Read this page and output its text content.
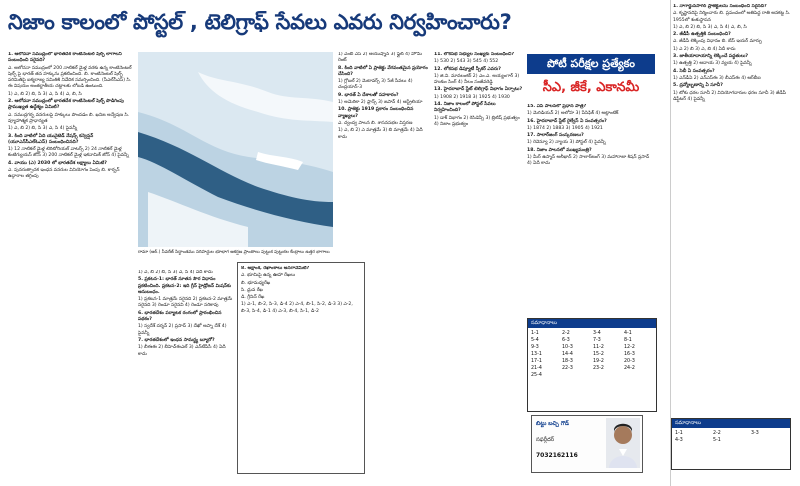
నిజాం కాలంలో పోస్టల్ , టెలిగ్రాఫ్ సేవలు ఎవరు నిర్వహించారు?

1. ఆలోచనా సముద్రంలో భారతదేశ కాంటినెంటల్ షెల్ఫ్ లాగాలని సంబంధించి సరైనది?

ఎ. ఆలోచనా సముద్రంలో 200 నాటికల్ మైళ్ల వరకు ఉన్న కాంటినెంటల్ షెల్ఫ్ పై భారత్ తన హక్కును ప్రకటించింది. బి. కాంటినెంటల్ షెల్ఫ్ పరిమితిపై ఐక్యరాజ్య సమితికి నివేదిక సమర్పించింది. (సీఎల్‌సీఎస్) సి. ఈ విషయం అంతర్జాతీయ చట్టాలకు లోబడి ఉంటుంది.

1) ఎ, బి 2) బి, సి 3) ఎ, సి 4) ఎ, బి, సి

2. ఆలోచనా సముద్రంలో భారతదేశ కాంటినెంటల్ షెల్ఫ్ పొడిగింపు ప్రాముఖ్యత ఉద్దేశ్యం ఏమిటి?

ఎ. సముద్రగర్భ వనరులపై హక్కులు పొందడం బి. ఖనిజ అన్వేషణ సి. వ్యూహాత్మక ప్రాధాన్యత

1) ఎ, బి 2) బి, సి 3) ఎ, సి 4) పైవన్నీ

3. కింది వాటిలో ఏది యునైటెడ్ నేషన్స్ కన్వెన్షన్ (యూఎన్‌సీఎల్ఓఎస్) సంబంధించినది?

1) 12 నాటికల్ మైళ్ల టెరిటోరియల్ వాటర్స్ 2) 24 నాటికల్ మైళ్ల కంటిగ్యుయస్ జోన్ 3) 200 నాటికల్ మైళ్ల ఇకనామిక్ జోన్ 4) పైవన్నీ

4. వాయు (ఎ) 2030 లో భారతదేశ లక్ష్యాలు ఏమిటి?

ఎ. పునరుత్పాదక ఇంధన వనరుల వినియోగం పెంపు బి. కార్బన్ ఉద్గారాల తగ్గింపు

రామా (ఆర్.) సీవరేజ్ సిద్ధాంతము సరిహద్దుల భూభాగ ఆకర్షణ ప్రాంతాలు పుట్టుక పుట్టుకల కేంద్రాలు ఉత్తర భాగాలు

1) ఎ, బి 2) బి, సి 3) ఎ, సి 4) ఏదీ కాదు

5. ప్రకటన-1: భారత్ నూతన సౌర విధానం ప్రకటించింది. ప్రకటన-2: ఇది గ్రీన్ హైడ్రోజన్ మిషన్‌కు అనుబంధం.

1) ప్రకటన-1 మాత్రమే సరైనది 2) ప్రకటన-2 మాత్రమే సరైనది 3) రెండూ సరైనవి 4) రెండూ సరికావు

6. భారతదేశం పర్యాటక రంగంలో ప్రారంభించిన పథకం?

1) స్వదేశ్ దర్శన్ 2) ప్రసాద్ 3) దేఖో అప్నా దేశ్ 4) పైవన్నీ

7. భారతదేశంలో ఇంధన సామర్థ్య బ్యూరో?

1) బీఈఈ 2) బీహెచ్ఈఎల్ 3) ఎన్‌టీపీసీ 4) ఏదీ కాదు

8. అక్షాంశ, రేఖాంశాలు అనగానేమిటి?

ఎ. భూమిపై ఉన్న ఊహా రేఖలు

బి. భూమధ్యరేఖ

సి. ధ్రువ రేఖ

డి. గ్రీనిచ్ రేఖ

1) ఎ-1, బి-2, సి-3, డి-4 2) ఎ-4, బి-1, సి-2, డి-3 3) ఎ-2, బి-3, సి-4, డి-1 4) ఎ-3, బి-4, సి-1, డి-2

1) ఎంబీ ఎస్ 2) ఆయుష్మాన్ 3) ఫ్లైట్ 4) హోమ్ రెంట్

8. కింది వాటిలో ఏ ప్రాజెక్టు వేగవంతమైన ప్రయోగం చేసింది?

1) గ్లోబల్ 2) మెటావర్స్ 3) 5జీ సేవలు 4) చంద్రయాన్-3

9. భారత్ ఏ దేశాలతో సహకారం?

1) అమెరికా 2) ఫ్రాన్స్ 3) జపాన్ 4) ఆస్ట్రేలియా

10. ప్రాజెక్టు 1919 ప్రకారం సంబంధించిన వ్యాఖ్యలు?

ఎ. ద్వంద్వ పాలన బి. శాసనసభల విస్తరణ

1) ఎ, బి 2) ఎ మాత్రమే 3) బి మాత్రమే 4) ఏదీ కాదు

11. లోకసభ సభ్యుల సంఖ్యకు సంబంధించి?

1) 530 2) 543 3) 545 4) 552

12. లోకసభ డిప్యూటీ స్పీకర్ ఎవరు?

1) జి.వి. మావలంకర్ 2) ఎం.ఎ. అయ్యంగార్ 3) హుకుం సింగ్ 4) నీలం సంజీవరెడ్డి

13. హైదరాబాద్ స్టేట్ టెలిగ్రాఫ్ విభాగం ఏర్పాటు?

1) 1908 2) 1918 3) 1925 4) 1930

14. నిజాం కాలంలో పోస్టల్ సేవలు నిర్వహించింది?

1) డాక్ విభాగం 2) రెసిడెన్సీ 3) బ్రిటిష్ ప్రభుత్వం 4) నిజాం ప్రభుత్వం

పోటీ పరీక్షల ప్రత్యేకం
సీఎ, జీకే, ఎకానమీ

15. ఏపీ పాలనలో ప్రధాన పాత్ర?

1) మెరిడియన్ 2) అలోహ 3) పేసిఫిక్ 4) అట్లాంటిక్

16. హైదరాబాద్ స్టేట్ రైల్వేస్ ఏ సంవత్సరం?

1) 1874 2) 1883 3) 1905 4) 1921

17. సాలార్‌జంగ్ సంస్కరణలు?

1) రెవెన్యూ 2) న్యాయ 3) పోస్టల్ 4) పైవన్నీ

18. నిజాం పాలనలో ముఖ్యమంత్రి?

1) మీర్ ఉస్మాన్ అలీఖాన్ 2) సాలార్‌జంగ్ 3) మహారాజా కిషన్ ప్రసాద్ 4) ఏదీ కాదు

సమాధానాలు
1-1	2-2	3-4	4-1
5-4	6-3	7-3	8-1
9-3	10-3	11-2	12-2
13-1	14-4	15-2	16-3
17-1	18-3	19-2	20-3
21-4	22-3	23-2	24-2
25-4
బిట్టు బచ్చి గౌడ్
సఫర్గీదర్
7032162116

1. నాగార్జునసాగర్ ప్రాజెక్టులను సంబంధించి సరైనది?

ఎ. కృష్ణానదిపై నిర్మించారు బి. ప్రపంచంలో అతిపెద్ద రాతి ఆనకట్ట సి. 1955లో శంకుస్థాపన

1) ఎ, బి 2) బి, సి 3) ఎ, సి 4) ఎ, బి, సి

2. జీడీపీ ఉత్పత్తికి సంబంధించి?

ఎ. జీడీపీ లెక్కింపు విధానం బి. బేస్ ఇయర్ మార్పు

1) ఎ 2) బి 3) ఎ, బి 4) ఏదీ కాదు

3. జాతీయాదాయాన్ని లెక్కించే పద్ధతులు?

1) ఉత్పత్తి 2) ఆదాయ 3) వ్యయ 4) పైవన్నీ

4. సెబీ ఏ సంవత్సరం?

1) ఎన్‌డీఏ 2) ఎన్‌ఎస్‌ఈ 3) బీఎస్‌ఈ 4) ఆర్‌బీఐ

5. ద్రవ్యోల్బణాన్ని ఏ సూచీ?

1) టోకు ధరల సూచీ 2) వినియోగదారుల ధరల సూచీ 3) జీడీపీ డిఫ్లేటర్ 4) పైవన్నీ

సమాధానాలు
1-1	2-2	3-3
4-3	5-1
